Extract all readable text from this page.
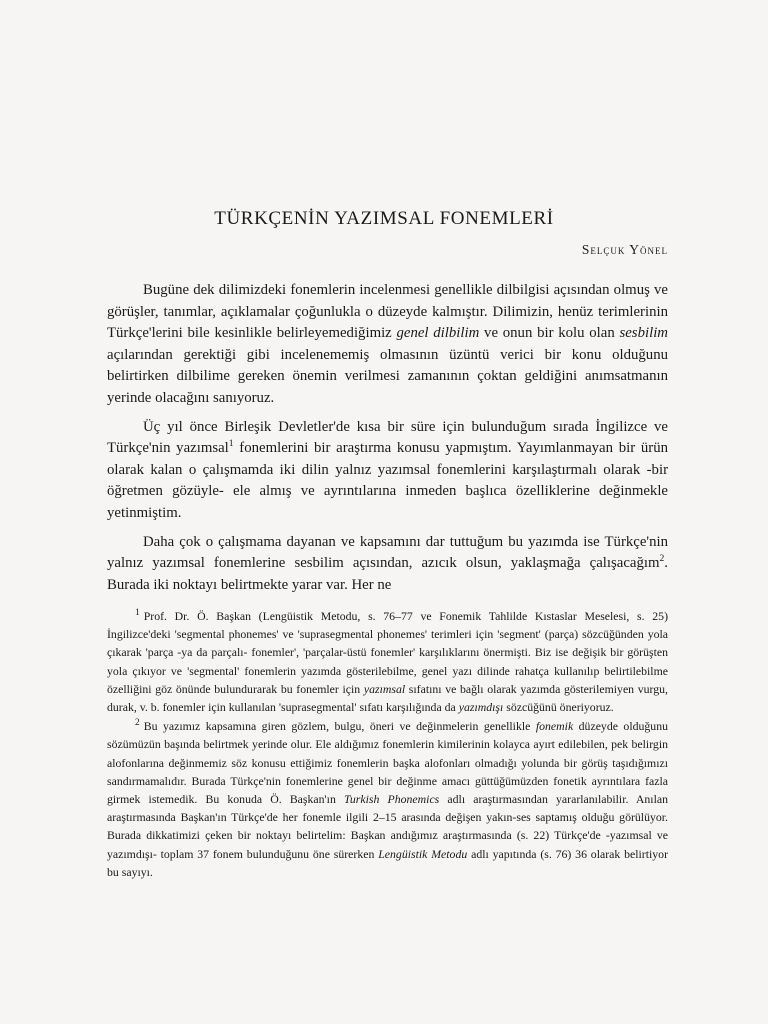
TÜRKÇENİN YAZIMSAL FONEMLERİ
Selçuk Yönel

Bugüne dek dilimizdeki fonemlerin incelenmesi genellikle dilbilgisi açısından olmuş ve görüşler, tanımlar, açıklamalar çoğunlukla o düzeyde kalmıştır. Dilimizin, henüz terimlerinin Türkçe'lerini bile kesinlikle belirleyemediğimiz genel dilbilim ve onun bir kolu olan sesbilim açılarından gerektiği gibi incelenememiş olmasının üzüntü verici bir konu olduğunu belirtirken dilbilime gereken önemin verilmesi zamanının çoktan geldiğini anımsatmanın yerinde olacağını sanıyoruz.

Üç yıl önce Birleşik Devletler'de kısa bir süre için bulunduğum sırada İngilizce ve Türkçe'nin yazımsal$^1$ fonemlerini bir araştırma konusu yapmıştım. Yayımlanmayan bir ürün olarak kalan o çalışmamda iki dilin yalnız yazımsal fonemlerini karşılaştırmalı olarak -bir öğretmen gözüyle- ele almış ve ayrıntılarına inmeden başlıca özelliklerine değinmekle yetinmiştim.

Daha çok o çalışmama dayanan ve kapsamını dar tuttuğum bu yazımda ise Türkçe'nin yalnız yazımsal fonemlerine sesbilim açısından, azıcık olsun, yaklaşmağa çalışacağım$^2$. Burada iki noktayı belirtmekte yarar var. Her ne

$^1$ Prof. Dr. Ö. Başkan (Lengüistik Metodu, s. 76–77 ve Fonemik Tahlilde Kıstaslar Meselesi, s. 25) İngilizce'deki 'segmental phonemes' ve 'suprasegmental phonemes' terimleri için 'segment' (parça) sözcüğünden yola çıkarak 'parça -ya da parçalı- fonemler', 'parçalar-üstü fonemler' karşılıklarını önermişti. Biz ise değişik bir görüşten yola çıkıyor ve 'segmental' fonemlerin yazımda gösterilebilme, genel yazı dilinde rahatça kullanılıp belirtilebilme özelliğini göz önünde bulundurarak bu fonemler için yazımsal sıfatını ve bağlı olarak yazımda gösterilemiyen vurgu, durak, v. b. fonemler için kullanılan 'suprasegmental' sıfatı karşılığında da yazımdışı sözcüğünü öneriyoruz.

$^2$ Bu yazımız kapsamına giren gözlem, bulgu, öneri ve değinmelerin genellikle fonemik düzeyde olduğunu sözümüzün başında belirtmek yerinde olur. Ele aldığımız fonemlerin kimilerinin kolayca ayırt edilebilen, pek belirgin alofonlarına değinmemiz söz konusu ettiğimiz fonemlerin başka alofonları olmadığı yolunda bir görüş taşıdığımızı sandırmamalıdır. Burada Türkçe'nin fonemlerine genel bir değinme amacı güttüğümüzden fonetik ayrıntılara fazla girmek istemedik. Bu konuda Ö. Başkan'ın Turkish Phonemics adlı araştırmasından yararlanılabilir. Anılan araştırmasında Başkan'ın Türkçe'de her fonemle ilgili 2–15 arasında değişen yakın-ses saptamış olduğu görülüyor. Burada dikkatimizi çeken bir noktayı belirtelim: Başkan andığımız araştırmasında (s. 22) Türkçe'de -yazımsal ve yazımdışı- toplam 37 fonem bulunduğunu öne sürerken Lengüistik Metodu adlı yapıtında (s. 76) 36 olarak belirtiyor bu sayıyı.
